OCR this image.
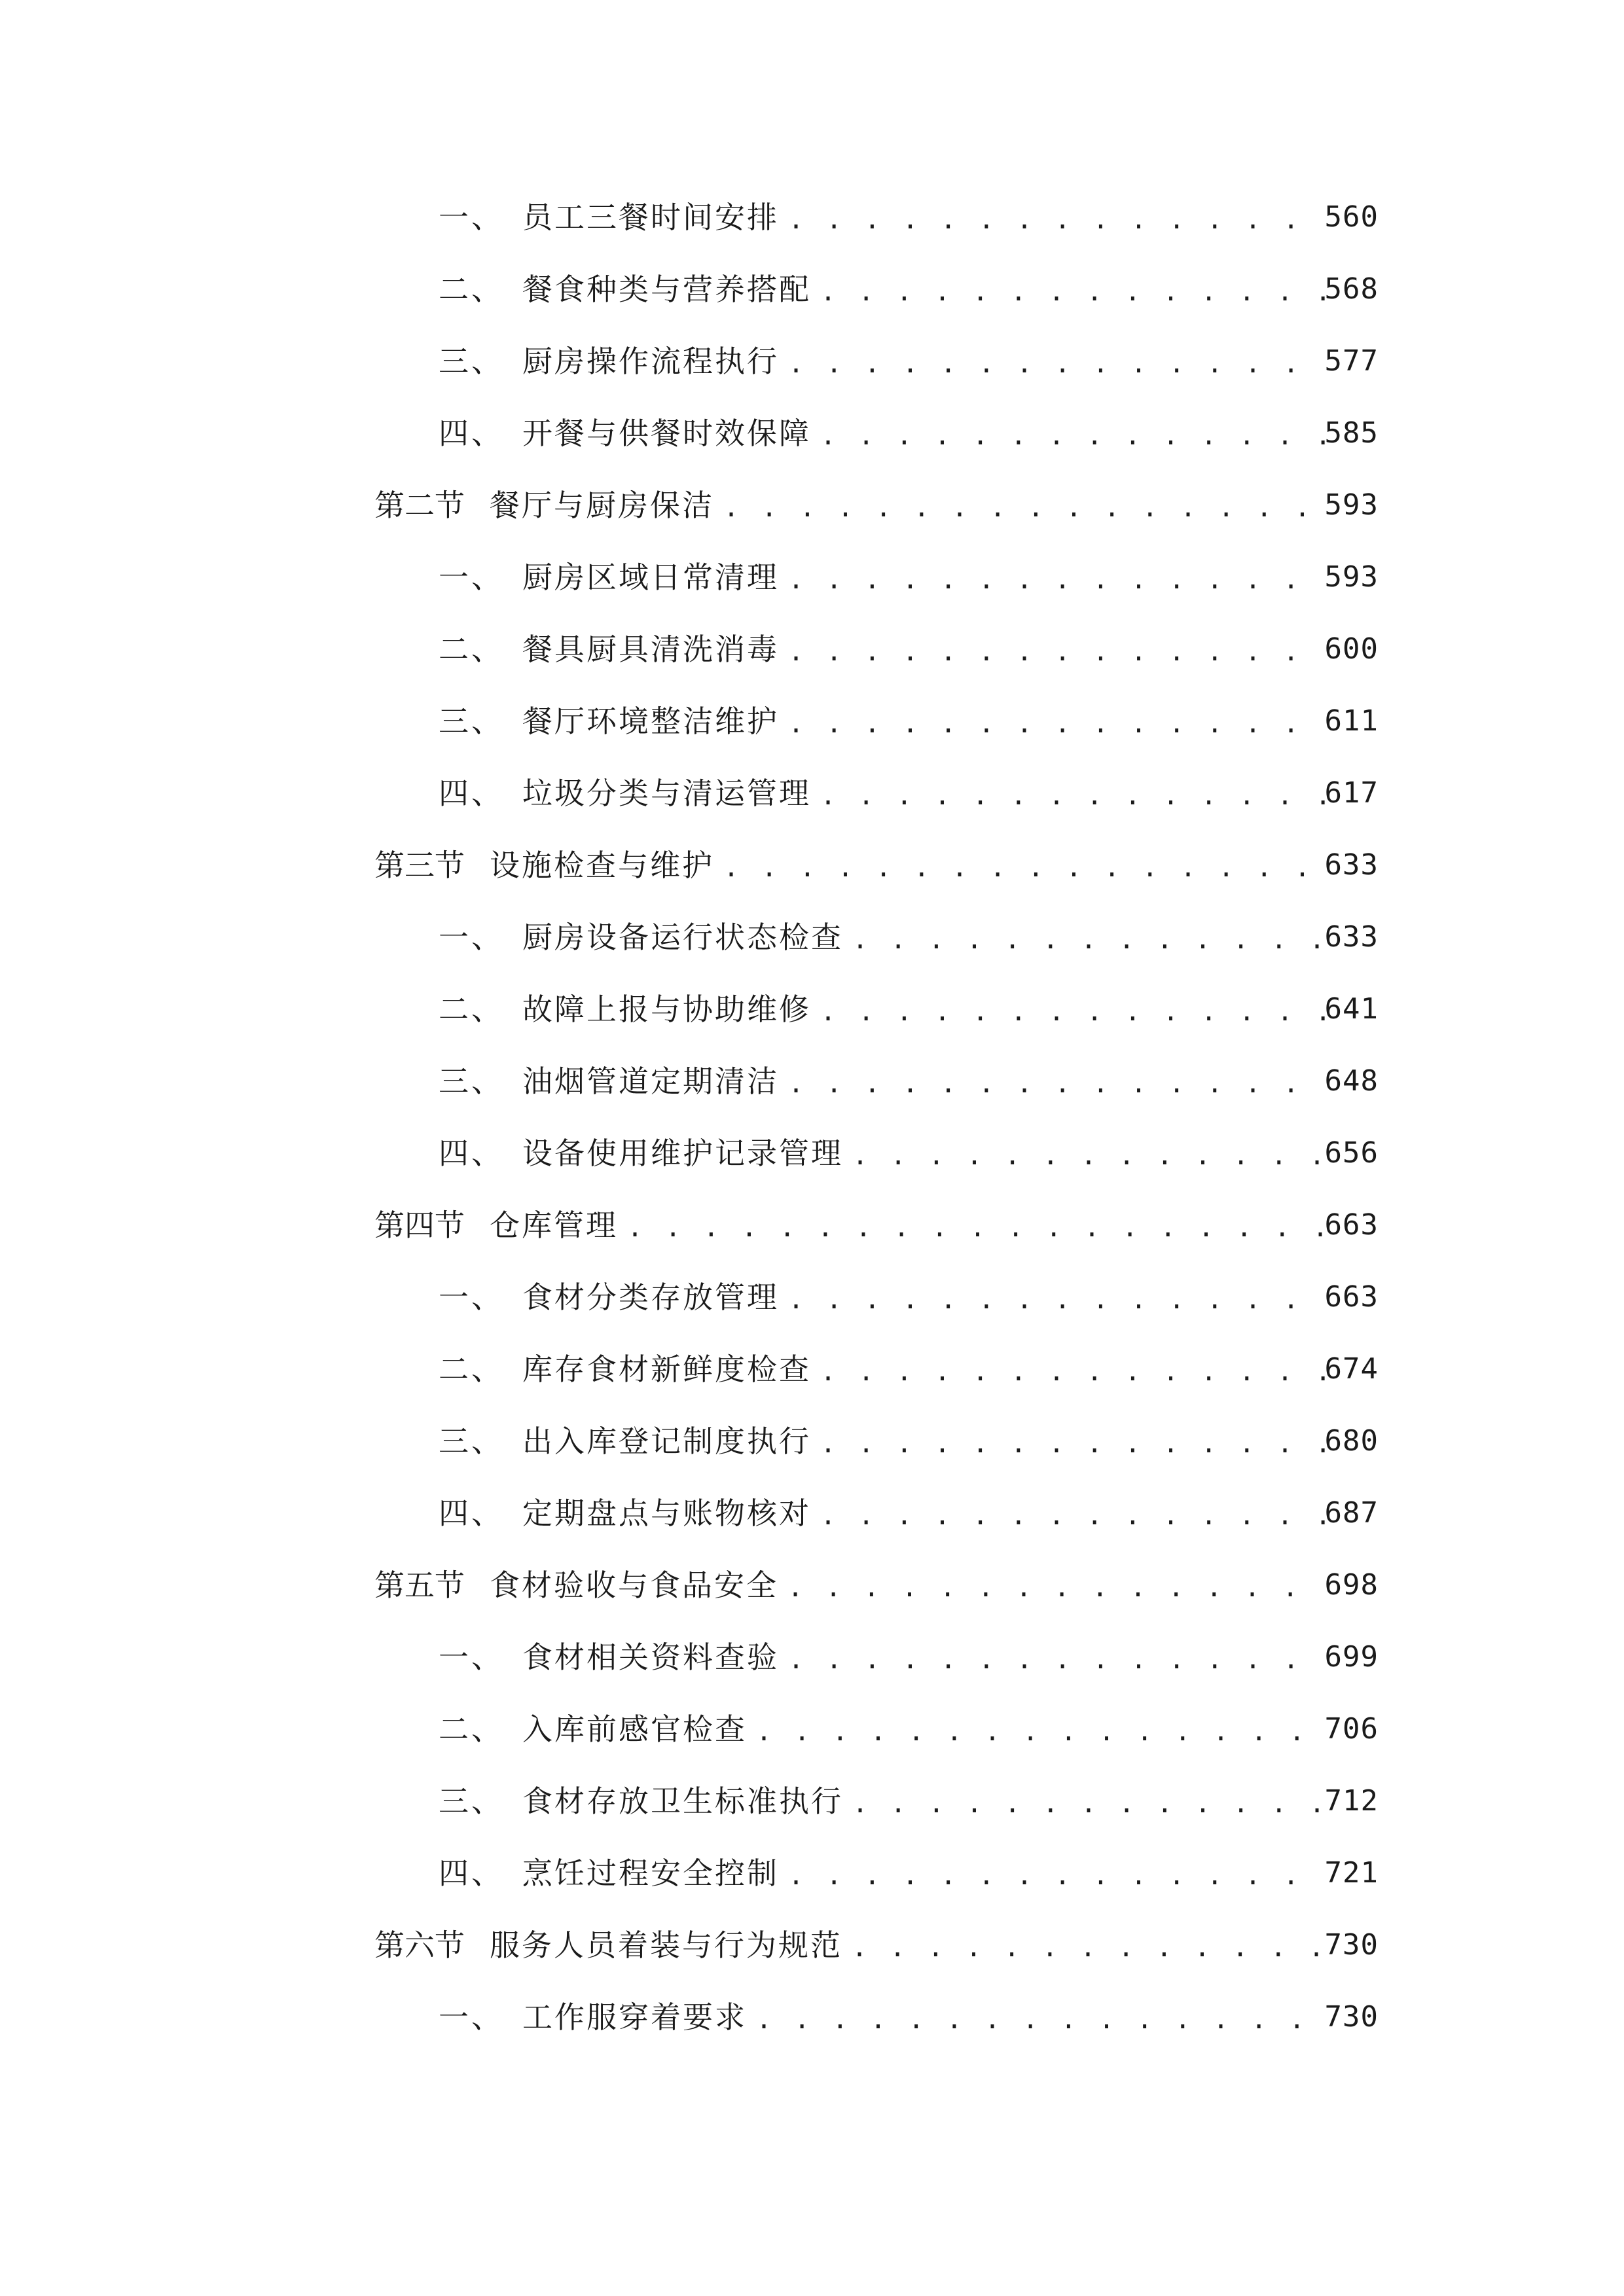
一、 员工三餐时间安排 . . .	560
二、 餐食种类与营养搭配 . . .	568
三、 厨房操作流程执行 . . .	577
四、 开餐与供餐时效保障 . . .	585
第二节 餐厅与厨房保洁 . . .	593
一、 厨房区域日常清理 . . .	593
二、 餐具厨具清洗消毒 . . .	600
三、 餐厅环境整洁维护 . . .	611
四、 垃圾分类与清运管理 . . .	617
第三节 设施检查与维护 . . .	633
一、 厨房设备运行状态检查 . . .	633
二、 故障上报与协助维修 . . .	641
三、 油烟管道定期清洁 . . .	648
四、 设备使用维护记录管理 . . .	656
第四节 仓库管理 . . .	663
一、 食材分类存放管理 . . .	663
二、 库存食材新鲜度检查 . . .	674
三、 出入库登记制度执行 . . .	680
四、 定期盘点与账物核对 . . .	687
第五节 食材验收与食品安全 . . .	698
一、 食材相关资料查验 . . .	699
二、 入库前感官检查 . . .	706
三、 食材存放卫生标准执行 . . .	712
四、 烹饪过程安全控制 . . .	721
第六节 服务人员着装与行为规范 . . .	730
一、 工作服穿着要求 . . .	730
